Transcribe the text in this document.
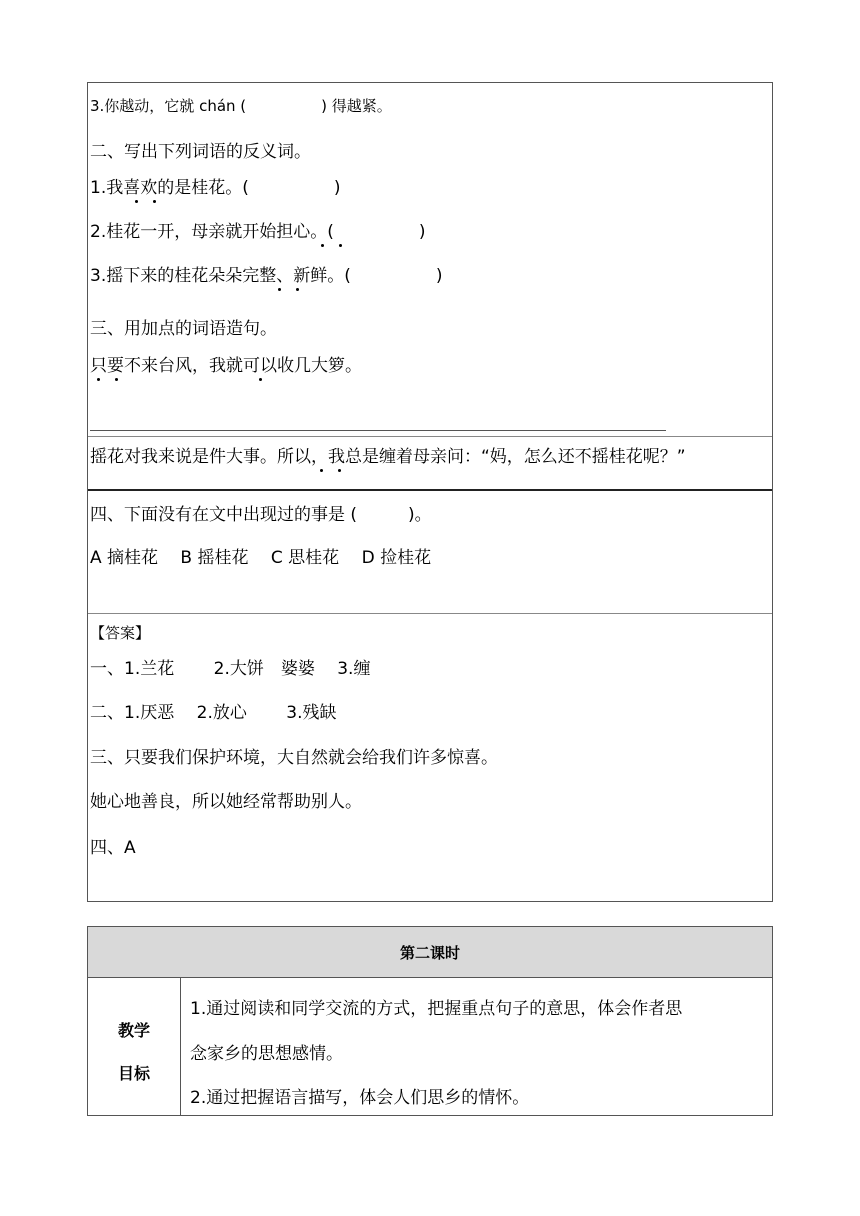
3.你越动，它就 chán (　　　　　) 得越紧。
二、写出下列词语的反义词。
1.我喜欢的是桂花。(　　　　　)
2.桂花一开，母亲就开始担心。(　　　　　)
3.摇下来的桂花朵朵完整、新鲜。(　　　　　)
三、用加点的词语造句。
只要不来台风，我就可以收几大箩。
摇花对我来说是件大事。所以，我总是缠着母亲问：“妈，怎么还不摇桂花呢？”
四、下面没有在文中出现过的事是 (　　　)。
A 摘桂花　 B 摇桂花　 C 思桂花　 D 捡桂花
【答案】
一、1.兰花　　 2.大饼　婆婆　 3.缠
二、1.厌恶　 2.放心　　 3.残缺
三、只要我们保护环境，大自然就会给我们许多惊喜。
她心地善良，所以她经常帮助别人。
四、A
第二课时
教学
目标
1.通过阅读和同学交流的方式，把握重点句子的意思，体会作者思
念家乡的思想感情。
2.通过把握语言描写，体会人们思乡的情怀。
